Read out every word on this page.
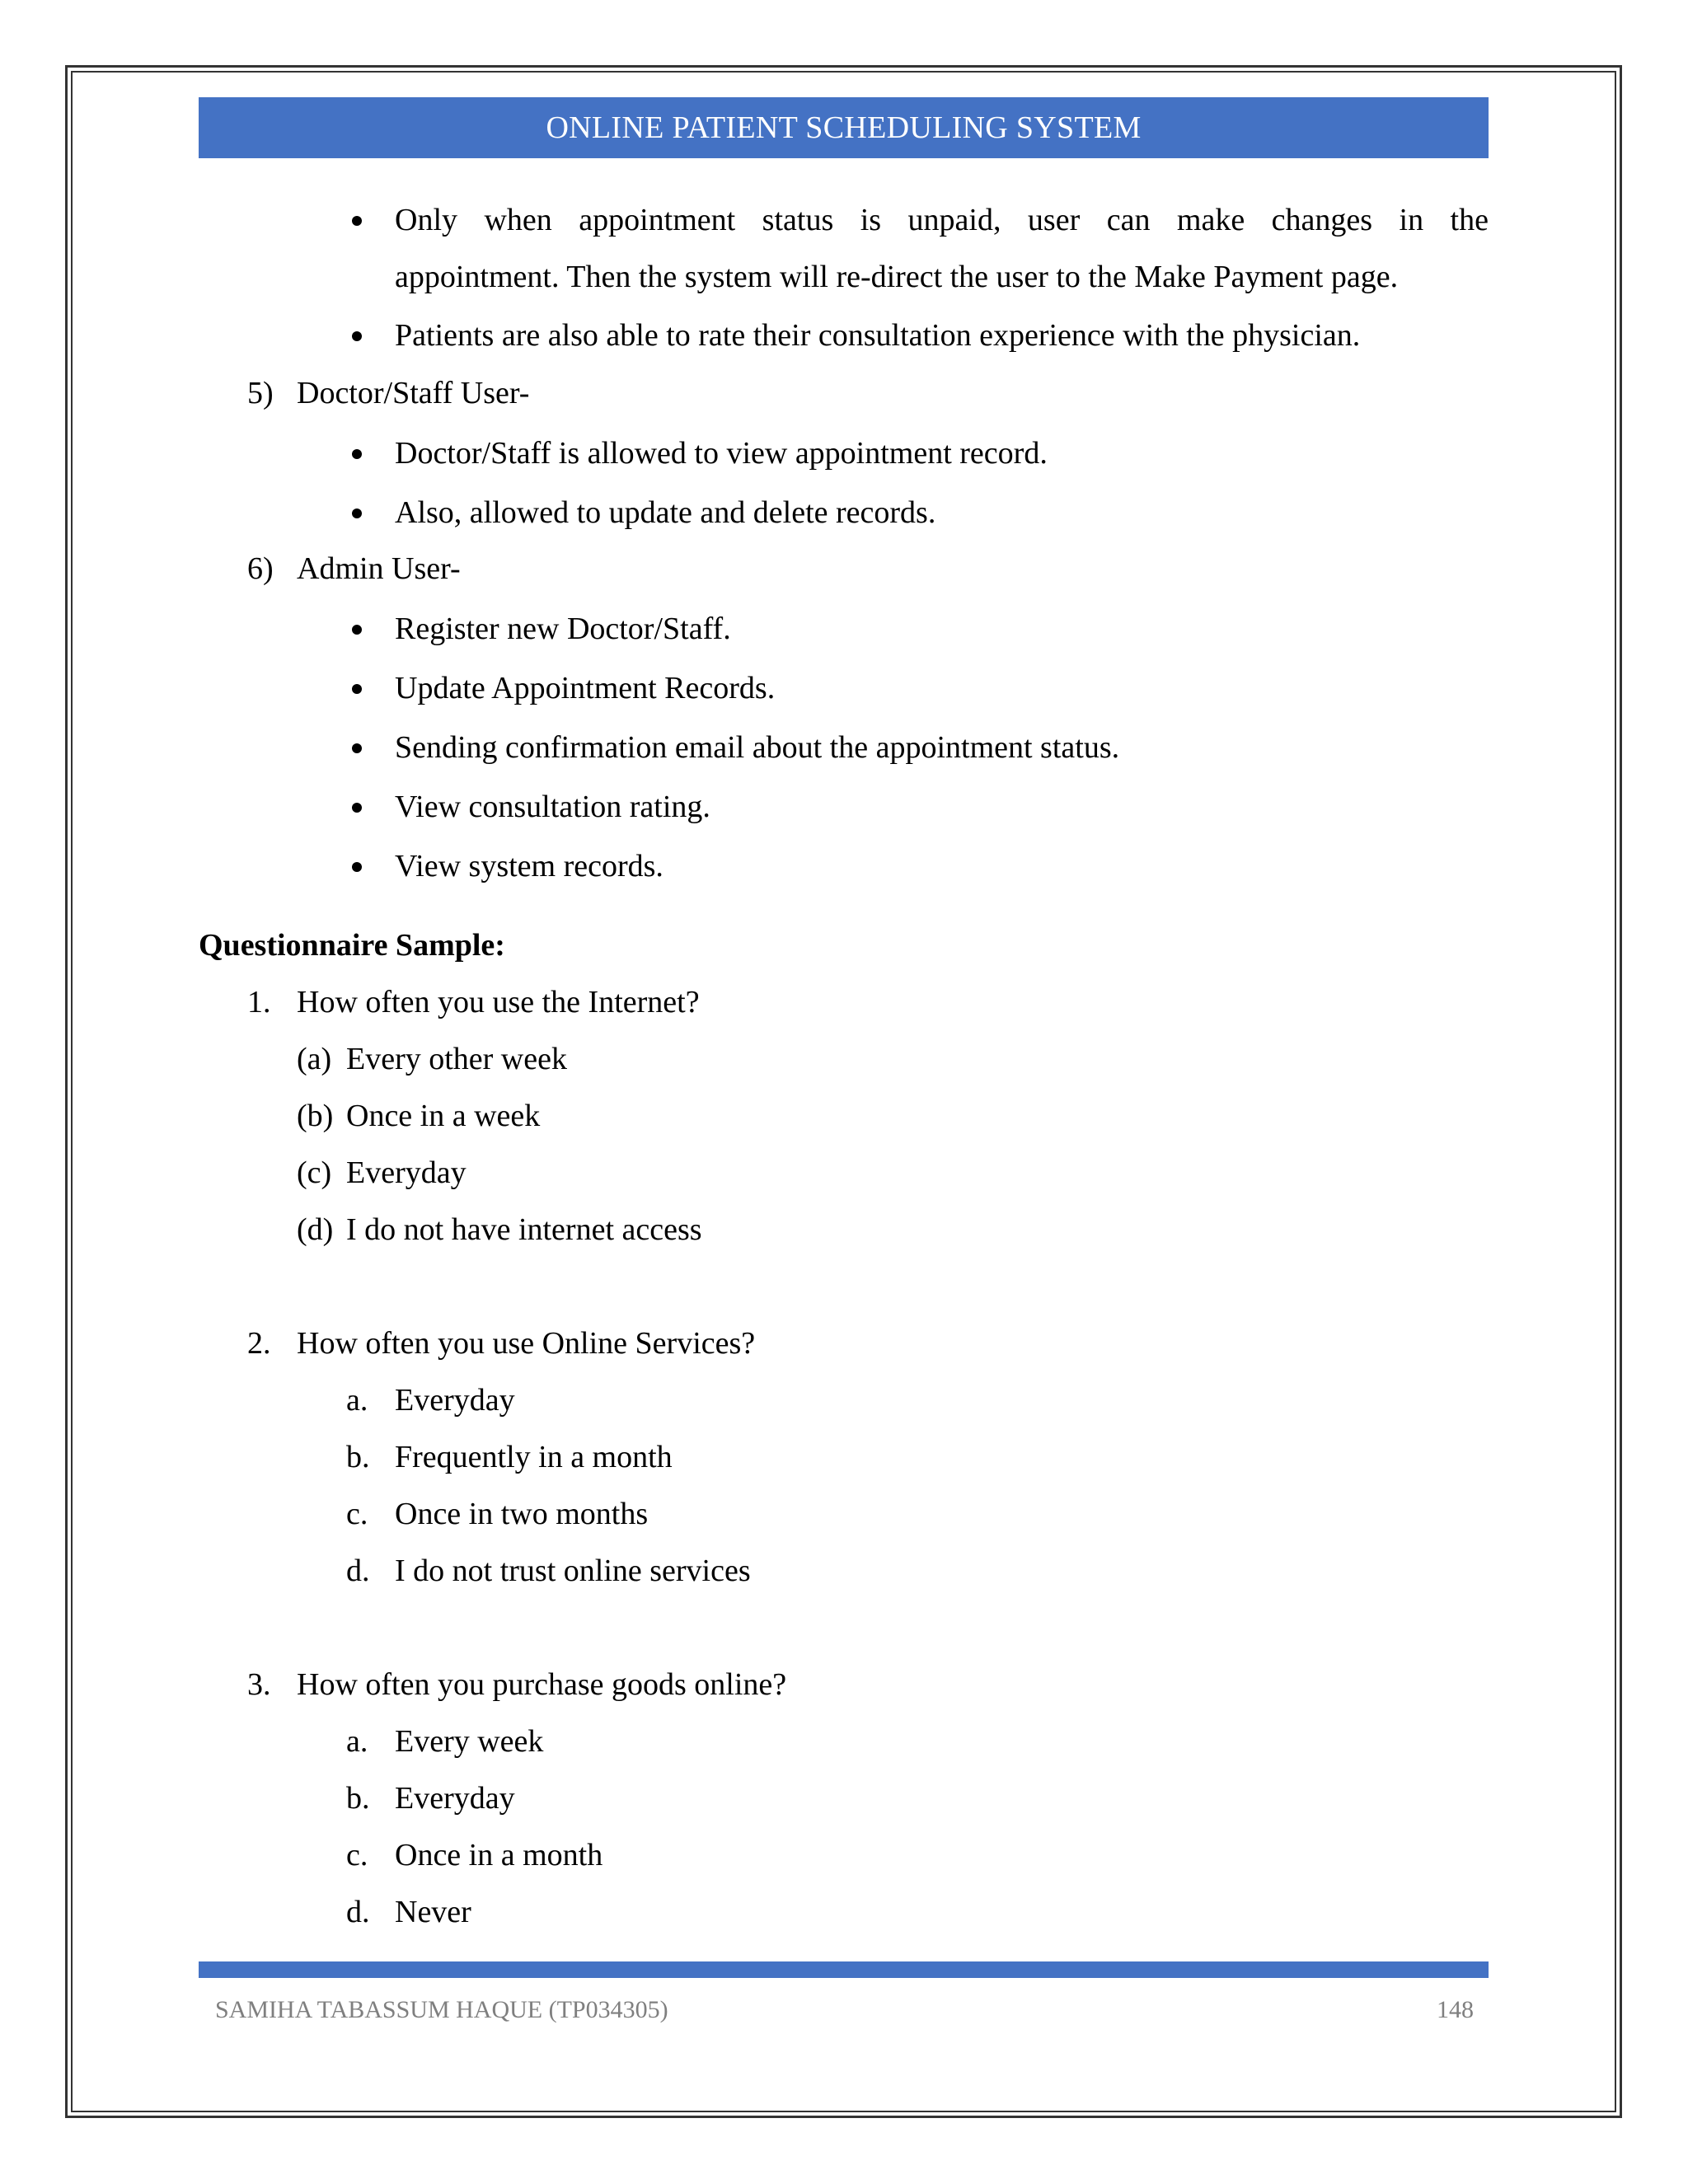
ONLINE PATIENT SCHEDULING SYSTEM
Only when appointment status is unpaid, user can make changes in the
appointment. Then the system will re-direct the user to the Make Payment page.
Patients are also able to rate their consultation experience with the physician.
5) Doctor/Staff User-
Doctor/Staff is allowed to view appointment record.
Also, allowed to update and delete records.
6) Admin User-
Register new Doctor/Staff.
Update Appointment Records.
Sending confirmation email about the appointment status.
View consultation rating.
View system records.
Questionnaire Sample:
1. How often you use the Internet?
(a) Every other week
(b) Once in a week
(c) Everyday
(d) I do not have internet access
2. How often you use Online Services?
a. Everyday
b. Frequently in a month
c. Once in two months
d. I do not trust online services
3. How often you purchase goods online?
a. Every week
b. Everyday
c. Once in a month
d. Never
SAMIHA TABASSUM HAQUE (TP034305)	148
